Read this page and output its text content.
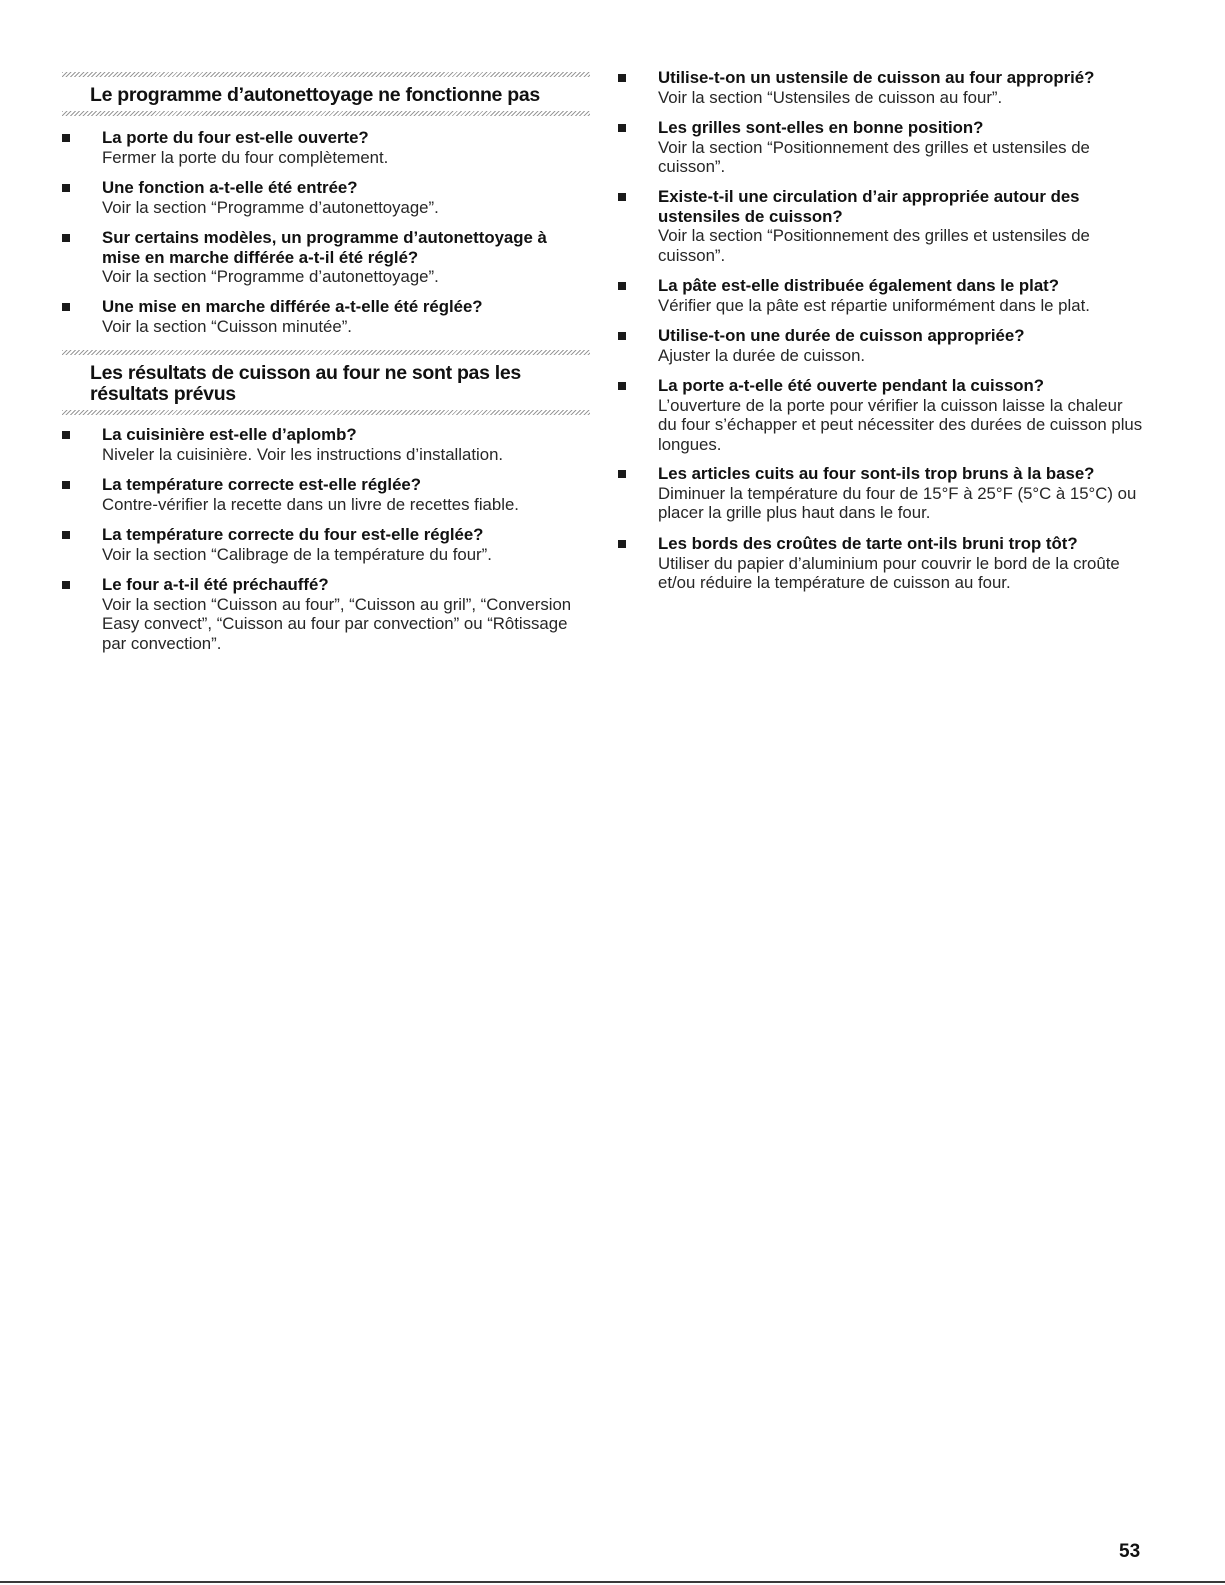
Le programme d’autonettoyage ne fonctionne pas
La porte du four est-elle ouverte?
Fermer la porte du four complètement.
Une fonction a-t-elle été entrée?
Voir la section “Programme d’autonettoyage”.
Sur certains modèles, un programme d’autonettoyage à mise en marche différée a-t-il été réglé?
Voir la section “Programme d’autonettoyage”.
Une mise en marche différée a-t-elle été réglée?
Voir la section “Cuisson minutée”.
Les résultats de cuisson au four ne sont pas les résultats prévus
La cuisinière est-elle d’aplomb?
Niveler la cuisinière. Voir les instructions d’installation.
La température correcte est-elle réglée?
Contre-vérifier la recette dans un livre de recettes fiable.
La température correcte du four est-elle réglée?
Voir la section “Calibrage de la température du four”.
Le four a-t-il été préchauffé?
Voir la section “Cuisson au four”, “Cuisson au gril”, “Conversion Easy convect”, “Cuisson au four par convection” ou “Rôtissage par convection”.
Utilise-t-on un ustensile de cuisson au four approprié?
Voir la section “Ustensiles de cuisson au four”.
Les grilles sont-elles en bonne position?
Voir la section “Positionnement des grilles et ustensiles de cuisson”.
Existe-t-il une circulation d’air appropriée autour des ustensiles de cuisson?
Voir la section “Positionnement des grilles et ustensiles de cuisson”.
La pâte est-elle distribuée également dans le plat?
Vérifier que la pâte est répartie uniformément dans le plat.
Utilise-t-on une durée de cuisson appropriée?
Ajuster la durée de cuisson.
La porte a-t-elle été ouverte pendant la cuisson?
L’ouverture de la porte pour vérifier la cuisson laisse la chaleur du four s’échapper et peut nécessiter des durées de cuisson plus longues.
Les articles cuits au four sont-ils trop bruns à la base?
Diminuer la température du four de 15°F à 25°F (5°C à 15°C) ou placer la grille plus haut dans le four.
Les bords des croûtes de tarte ont-ils bruni trop tôt?
Utiliser du papier d’aluminium pour couvrir le bord de la croûte et/ou réduire la température de cuisson au four.
53
